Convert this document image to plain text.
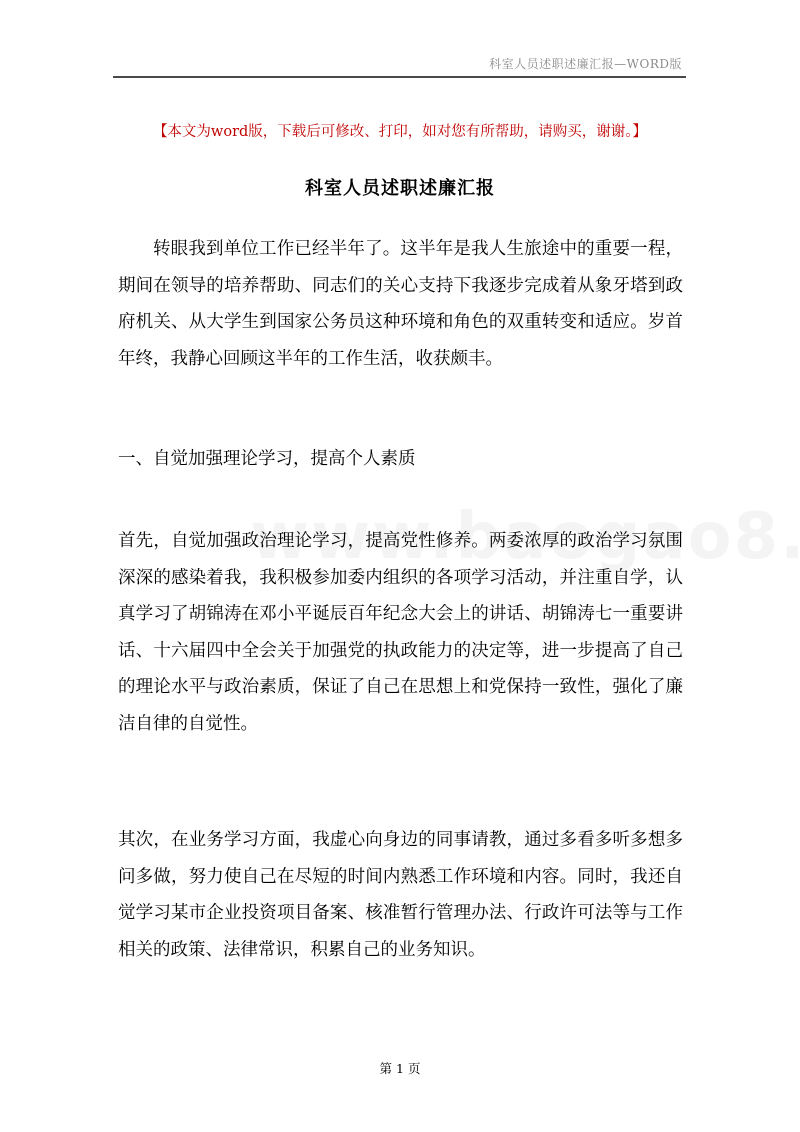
科室人员述职述廉汇报—WORD版
【本文为word版，下载后可修改、打印，如对您有所帮助，请购买，谢谢。】
科室人员述职述廉汇报
转眼我到单位工作已经半年了。这半年是我人生旅途中的重要一程，期间在领导的培养帮助、同志们的关心支持下我逐步完成着从象牙塔到政府机关、从大学生到国家公务员这种环境和角色的双重转变和适应。岁首年终，我静心回顾这半年的工作生活，收获颇丰。
一、自觉加强理论学习，提高个人素质
首先，自觉加强政治理论学习，提高党性修养。两委浓厚的政治学习氛围深深的感染着我，我积极参加委内组织的各项学习活动，并注重自学，认真学习了胡锦涛在邓小平诞辰百年纪念大会上的讲话、胡锦涛七一重要讲话、十六届四中全会关于加强党的执政能力的决定等，进一步提高了自己的理论水平与政治素质，保证了自己在思想上和党保持一致性，强化了廉洁自律的自觉性。
其次，在业务学习方面，我虚心向身边的同事请教，通过多看多听多想多问多做，努力使自己在尽短的时间内熟悉工作环境和内容。同时，我还自觉学习某市企业投资项目备案、核准暂行管理办法、行政许可法等与工作相关的政策、法律常识，积累自己的业务知识。
第 1 页
